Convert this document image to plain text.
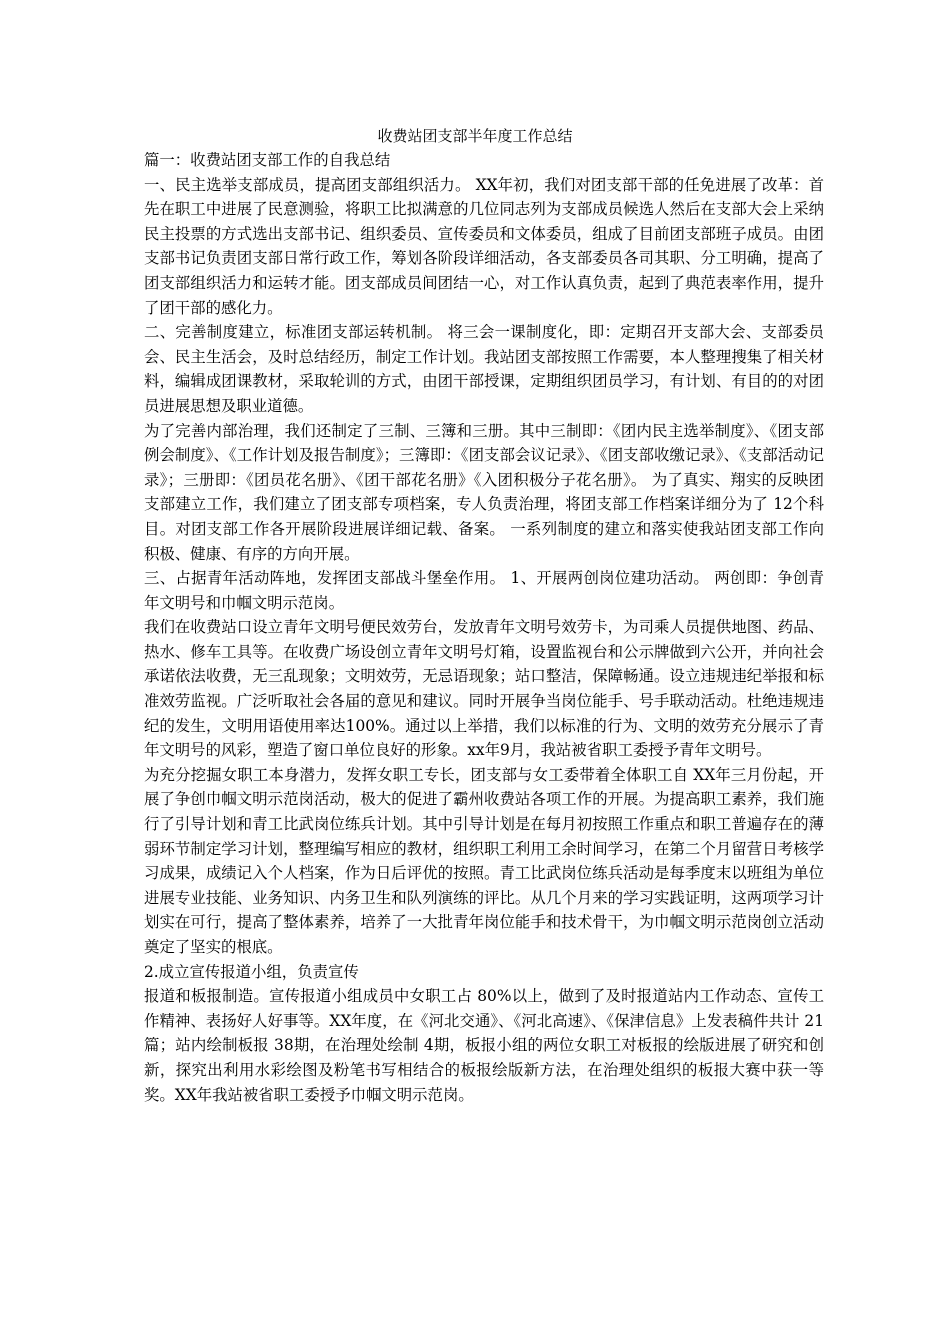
收费站团支部半年度工作总结

篇一：收费站团支部工作的自我总结

一、民主选举支部成员，提高团支部组织活力。 XX年初，我们对团支部干部的任免进展了改革：首先在职工中进展了民意测验，将职工比拟满意的几位同志列为支部成员候选人然后在支部大会上采纳民主投票的方式选出支部书记、组织委员、宣传委员和文体委员，组成了目前团支部班子成员。由团支部书记负责团支部日常行政工作，筹划各阶段详细活动，各支部委员各司其职、分工明确，提高了团支部组织活力和运转才能。团支部成员间团结一心，对工作认真负责，起到了典范表率作用，提升了团干部的感化力。

二、完善制度建立，标准团支部运转机制。 将三会一课制度化，即：定期召开支部大会、支部委员会、民主生活会，及时总结经历，制定工作计划。我站团支部按照工作需要，本人整理搜集了相关材料，编辑成团课教材，采取轮训的方式，由团干部授课，定期组织团员学习，有计划、有目的的对团员进展思想及职业道德。

为了完善内部治理，我们还制定了三制、三簿和三册。其中三制即：《团内民主选举制度》、《团支部例会制度》、《工作计划及报告制度》；三簿即：《团支部会议记录》、《团支部收缴记录》、《支部活动记录》；三册即：《团员花名册》、《团干部花名册》《入团积极分子花名册》。 为了真实、翔实的反映团支部建立工作，我们建立了团支部专项档案，专人负责治理，将团支部工作档案详细分为了 12个科目。对团支部工作各开展阶段进展详细记载、备案。 一系列制度的建立和落实使我站团支部工作向积极、健康、有序的方向开展。

三、占据青年活动阵地，发挥团支部战斗堡垒作用。 1、开展两创岗位建功活动。 两创即：争创青年文明号和巾帼文明示范岗。

我们在收费站口设立青年文明号便民效劳台，发放青年文明号效劳卡，为司乘人员提供地图、药品、热水、修车工具等。在收费广场设创立青年文明号灯箱，设置监视台和公示牌做到六公开，并向社会承诺依法收费，无三乱现象；文明效劳，无忌语现象；站口整洁，保障畅通。设立违规违纪举报和标准效劳监视。广泛听取社会各届的意见和建议。同时开展争当岗位能手、号手联动活动。杜绝违规违纪的发生，文明用语使用率达100%。通过以上举措，我们以标准的行为、文明的效劳充分展示了青年文明号的风彩，塑造了窗口单位良好的形象。xx年9月，我站被省职工委授予青年文明号。

为充分挖掘女职工本身潜力，发挥女职工专长，团支部与女工委带着全体职工自 XX年三月份起，开展了争创巾帼文明示范岗活动，极大的促进了霸州收费站各项工作的开展。为提高职工素养，我们施行了引导计划和青工比武岗位练兵计划。其中引导计划是在每月初按照工作重点和职工普遍存在的薄弱环节制定学习计划，整理编写相应的教材，组织职工利用工余时间学习，在第二个月留营日考核学习成果，成绩记入个人档案，作为日后评优的按照。青工比武岗位练兵活动是每季度末以班组为单位进展专业技能、业务知识、内务卫生和队列演练的评比。从几个月来的学习实践证明，这两项学习计划实在可行，提高了整体素养，培养了一大批青年岗位能手和技术骨干，为巾帼文明示范岗创立活动奠定了坚实的根底。

2.成立宣传报道小组，负责宣传

报道和板报制造。宣传报道小组成员中女职工占 80%以上，做到了及时报道站内工作动态、宣传工作精神、表扬好人好事等。XX年度，在《河北交通》、《河北高速》、《保津信息》上发表稿件共计 21篇；站内绘制板报 38期，在治理处绘制 4期，板报小组的两位女职工对板报的绘版进展了研究和创新，探究出利用水彩绘图及粉笔书写相结合的板报绘版新方法，在治理处组织的板报大赛中获一等奖。XX年我站被省职工委授予巾帼文明示范岗。
